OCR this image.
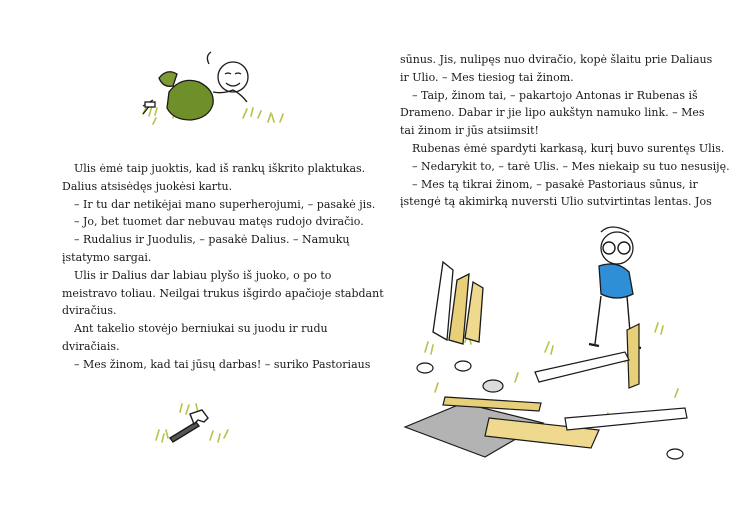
Ulis ėmė taip juoktis, kad iš rankų iškrito plaktukas.

Dalius atsisėdęs juokėsi kartu.

– Ir tu dar netikėjai mano superherojumi, – pasakė jis.

– Jo, bet tuomet dar nebuvau matęs rudojo dviračio.

– Rudalius ir Juodulis, – pasakė Dalius. – Namukų

įstatymo sargai.

Ulis ir Dalius dar labiau plyšo iš juoko, o po to

meistravo toliau. Neilgai trukus išgirdo apačioje stabdant

dviračius.

Ant takelio stovėjo berniukai su juodu ir rudu

dviračiais.

– Mes žinom, kad tai jūsų darbas! – suriko Pastoriaus

sūnus. Jis, nulipęs nuo dviračio, kopė šlaitu prie Daliaus

ir Ulio. – Mes tiesiog tai žinom.

– Taip, žinom tai, – pakartojo Antonas ir Rubenas iš

Drameno. Dabar ir jie lipo aukštyn namuko link. – Mes

tai žinom ir jūs atsiimsit!

Rubenas ėmė spardyti karkasą, kurį buvo surentęs Ulis.

– Nedarykit to, – tarė Ulis. – Mes niekaip su tuo nesusiję.

– Mes tą tikrai žinom, – pasakė Pastoriaus sūnus, ir

įstengė tą akimirką nuversti Ulio sutvirtintas lentas. Jos
